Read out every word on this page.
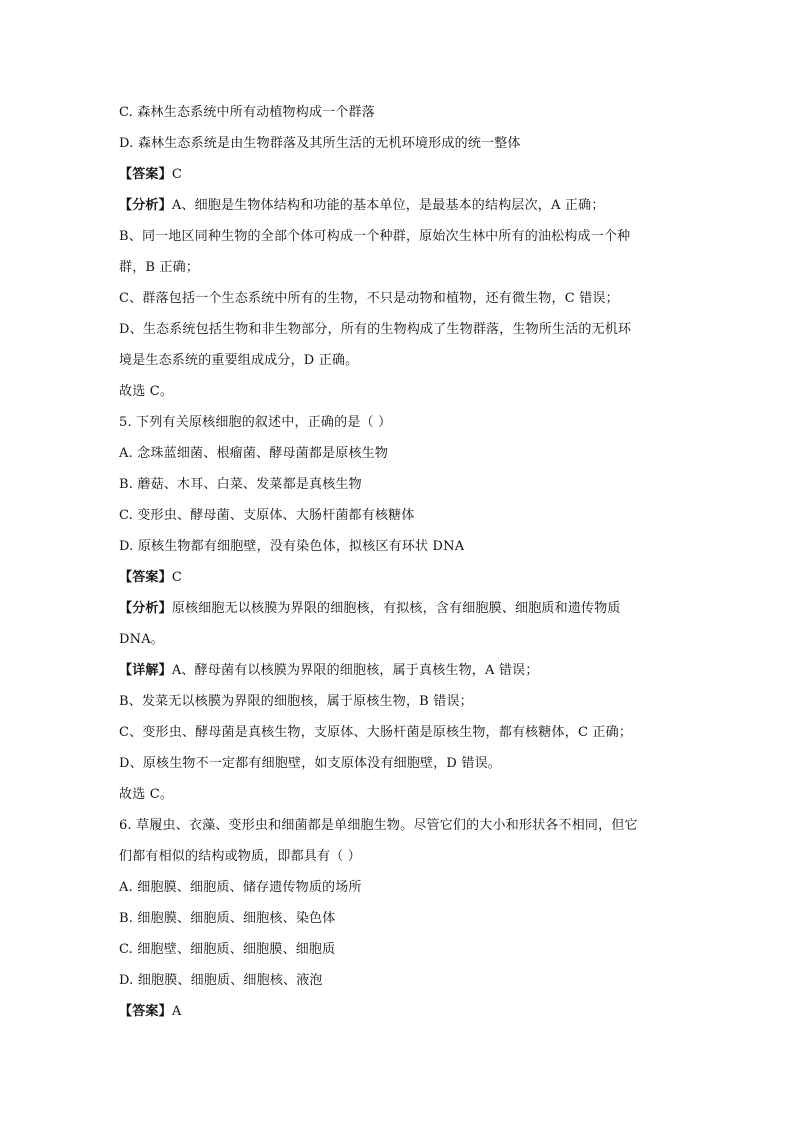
C. 森林生态系统中所有动植物构成一个群落
D. 森林生态系统是由生物群落及其所生活的无机环境形成的统一整体
【答案】C
【分析】A、细胞是生物体结构和功能的基本单位，是最基本的结构层次，A 正确；
B、同一地区同种生物的全部个体可构成一个种群，原始次生林中所有的油松构成一个种
群，B 正确；
C、群落包括一个生态系统中所有的生物，不只是动物和植物，还有微生物，C 错误；
D、生态系统包括生物和非生物部分，所有的生物构成了生物群落，生物所生活的无机环
境是生态系统的重要组成成分，D 正确。
故选 C。
5. 下列有关原核细胞的叙述中，正确的是（ ）
A. 念珠蓝细菌、根瘤菌、酵母菌都是原核生物
B. 蘑菇、木耳、白菜、发菜都是真核生物
C. 变形虫、酵母菌、支原体、大肠杆菌都有核糖体
D. 原核生物都有细胞壁，没有染色体，拟核区有环状 DNA
【答案】C
【分析】原核细胞无以核膜为界限的细胞核，有拟核，含有细胞膜、细胞质和遗传物质
DNA。
【详解】A、酵母菌有以核膜为界限的细胞核，属于真核生物，A 错误；
B、发菜无以核膜为界限的细胞核，属于原核生物，B 错误；
C、变形虫、酵母菌是真核生物，支原体、大肠杆菌是原核生物，都有核糖体，C 正确；
D、原核生物不一定都有细胞壁，如支原体没有细胞壁，D 错误。
故选 C。
6. 草履虫、衣藻、变形虫和细菌都是单细胞生物。尽管它们的大小和形状各不相同，但它
们都有相似的结构或物质，即都具有（ ）
A. 细胞膜、细胞质、储存遗传物质的场所
B. 细胞膜、细胞质、细胞核、染色体
C. 细胞壁、细胞质、细胞膜、细胞质
D. 细胞膜、细胞质、细胞核、液泡
【答案】A
